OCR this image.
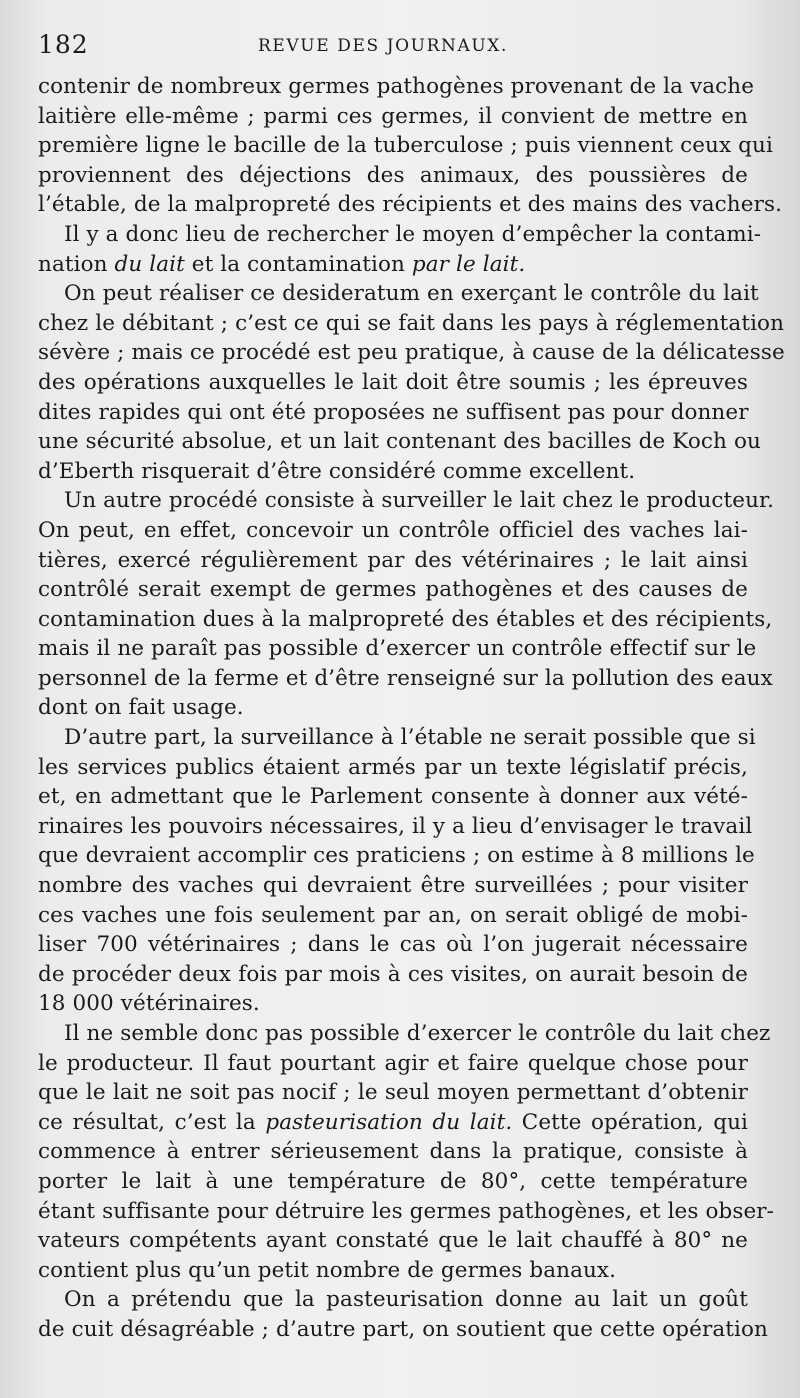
182	REVUE DES JOURNAUX.
contenir de nombreux germes pathogènes provenant de la vache
laitière elle-même ; parmi ces germes, il convient de mettre en
première ligne le bacille de la tuberculose ; puis viennent ceux qui
proviennent des déjections des animaux, des poussières de
l’étable, de la malpropreté des récipients et des mains des vachers.
Il y a donc lieu de rechercher le moyen d’empêcher la contami-
nation du lait et la contamination par le lait.
On peut réaliser ce desideratum en exerçant le contrôle du lait
chez le débitant ; c’est ce qui se fait dans les pays à réglementation
sévère ; mais ce procédé est peu pratique, à cause de la délicatesse
des opérations auxquelles le lait doit être soumis ; les épreuves
dites rapides qui ont été proposées ne suffisent pas pour donner
une sécurité absolue, et un lait contenant des bacilles de Koch ou
d’Eberth risquerait d’être considéré comme excellent.
Un autre procédé consiste à surveiller le lait chez le producteur.
On peut, en effet, concevoir un contrôle officiel des vaches lai-
tières, exercé régulièrement par des vétérinaires ; le lait ainsi
contrôlé serait exempt de germes pathogènes et des causes de
contamination dues à la malpropreté des étables et des récipients,
mais il ne paraît pas possible d’exercer un contrôle effectif sur le
personnel de la ferme et d’être renseigné sur la pollution des eaux
dont on fait usage.
D’autre part, la surveillance à l’étable ne serait possible que si
les services publics étaient armés par un texte législatif précis,
et, en admettant que le Parlement consente à donner aux vété-
rinaires les pouvoirs nécessaires, il y a lieu d’envisager le travail
que devraient accomplir ces praticiens ; on estime à 8 millions le
nombre des vaches qui devraient être surveillées ; pour visiter
ces vaches une fois seulement par an, on serait obligé de mobi-
liser 700 vétérinaires ; dans le cas où l’on jugerait nécessaire
de procéder deux fois par mois à ces visites, on aurait besoin de
18 000 vétérinaires.
Il ne semble donc pas possible d’exercer le contrôle du lait chez
le producteur. Il faut pourtant agir et faire quelque chose pour
que le lait ne soit pas nocif ; le seul moyen permettant d’obtenir
ce résultat, c’est la pasteurisation du lait. Cette opération, qui
commence à entrer sérieusement dans la pratique, consiste à
porter le lait à une température de 80°, cette température
étant suffisante pour détruire les germes pathogènes, et les obser-
vateurs compétents ayant constaté que le lait chauffé à 80° ne
contient plus qu’un petit nombre de germes banaux.
On a prétendu que la pasteurisation donne au lait un goût
de cuit désagréable ; d’autre part, on soutient que cette opération
